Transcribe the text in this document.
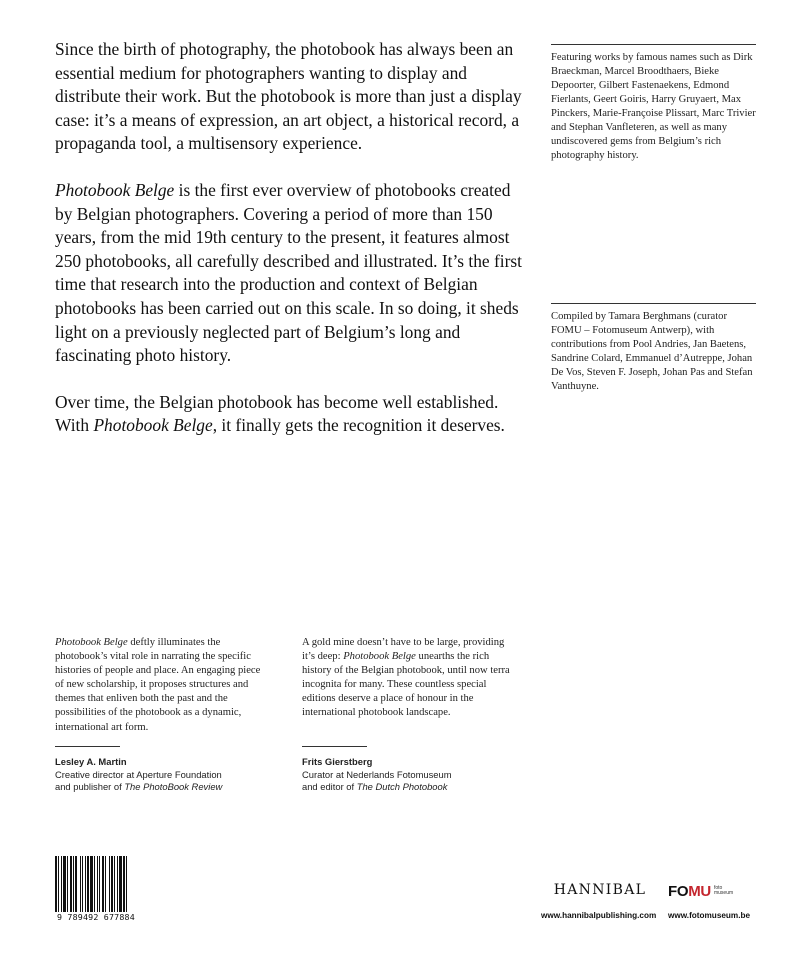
Since the birth of photography, the photobook has always been an essential medium for photographers wanting to display and distribute their work. But the photobook is more than just a display case: it’s a means of expression, an art object, a historical record, a propaganda tool, a multisensory experience.

Photobook Belge is the first ever overview of photobooks created by Belgian photographers. Covering a period of more than 150 years, from the mid 19th century to the present, it features almost 250 photobooks, all carefully described and illustrated. It’s the first time that research into the production and context of Belgian photobooks has been carried out on this scale. In so doing, it sheds light on a previously neglected part of Belgium’s long and fascinating photo history.

Over time, the Belgian photobook has become well established. With Photobook Belge, it finally gets the recognition it deserves.

Featuring works by famous names such as Dirk Braeckman, Marcel Broodthaers, Bieke Depoorter, Gilbert Fastenaekens, Edmond Fierlants, Geert Goiris, Harry Gruyaert, Max Pinckers, Marie-Françoise Plissart, Marc Trivier and Stephan Vanfleteren, as well as many undiscovered gems from Belgium’s rich photography history.
Compiled by Tamara Berghmans (curator FOMU – Fotomuseum Antwerp), with contributions from Pool Andries, Jan Baetens, Sandrine Colard, Emmanuel d’Autreppe, Johan De Vos, Steven F. Joseph, Johan Pas and Stefan Vanthuyne.
Photobook Belge deftly illuminates the photobook’s vital role in narrating the specific histories of people and place. An engaging piece of new scholarship, it proposes structures and themes that enliven both the past and the possibilities of the photobook as a dynamic, international art form.
A gold mine doesn’t have to be large, providing it’s deep: Photobook Belge unearths the rich history of the Belgian photobook, until now terra incognita for many. These countless special editions deserve a place of honour in the international photobook landscape.
Lesley A. Martin
Creative director at Aperture Foundation
and publisher of The PhotoBook Review
Frits Gierstberg
Curator at Nederlands Fotomuseum
and editor of The Dutch Photobook
9 789492 677884
HANNIBAL
www.hannibalpublishing.com
FOMU foto
museum
www.fotomuseum.be
